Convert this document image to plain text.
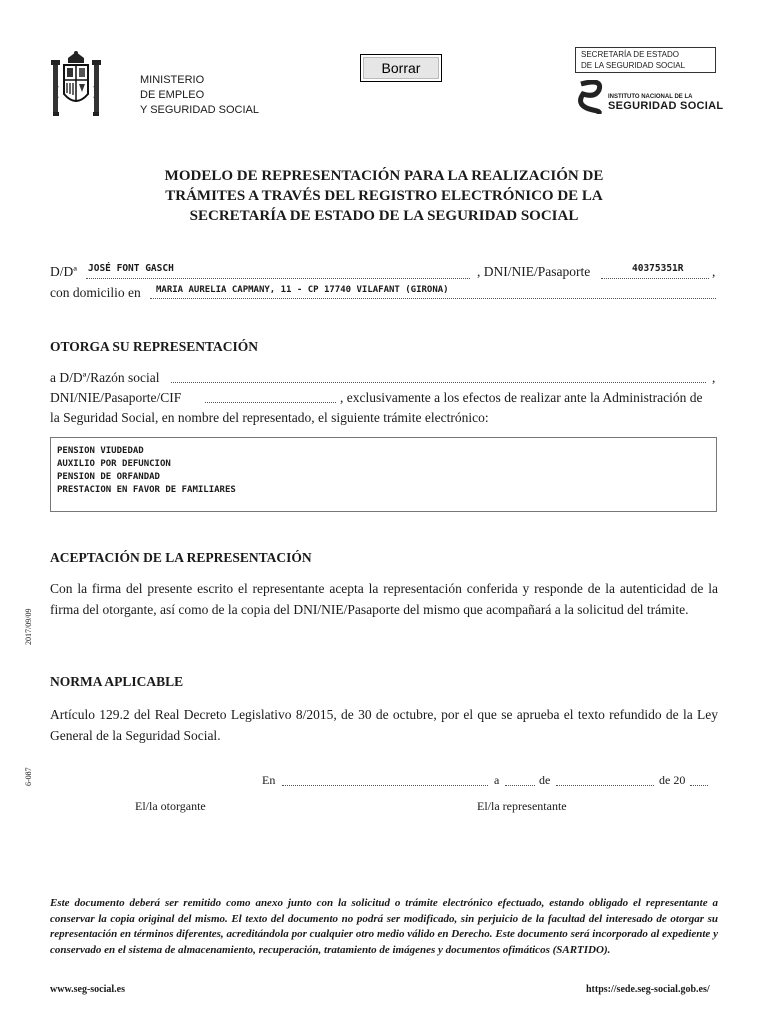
MINISTERIO
DE EMPLEO
Y SEGURIDAD SOCIAL
Borrar
SECRETARÍA DE ESTADO
DE LA SEGURIDAD SOCIAL
INSTITUTO NACIONAL DE LA
SEGURIDAD SOCIAL
MODELO DE REPRESENTACIÓN PARA LA REALIZACIÓN DE
TRÁMITES A TRAVÉS DEL REGISTRO ELECTRÓNICO DE LA
SECRETARÍA DE ESTADO DE LA SEGURIDAD SOCIAL
D/Dª JOSÉ FONT GASCH	, DNI/NIE/Pasaporte	40375351R ,
con domicilio en MARIA AURELIA CAPMANY, 11 - CP 17740 VILAFANT (GIRONA)
OTORGA SU REPRESENTACIÓN
a D/Dª/Razón social	,
DNI/NIE/Pasaporte/CIF	, exclusivamente a los efectos de realizar ante la Administración de
la Seguridad Social, en nombre del representado, el siguiente trámite electrónico:
PENSION VIUDEDAD
AUXILIO POR DEFUNCION
PENSION DE ORFANDAD
PRESTACION EN FAVOR DE FAMILIARES
ACEPTACIÓN DE LA REPRESENTACIÓN
Con la firma del presente escrito el representante acepta la representación conferida y responde de la autenticidad de la firma del otorgante, así como de la copia del DNI/NIE/Pasaporte del mismo que acompañará a la solicitud del trámite.
NORMA APLICABLE
Artículo 129.2 del Real Decreto Legislativo 8/2015, de 30 de octubre, por el que se aprueba el texto refundido de la Ley General de la Seguridad Social.
En	a	de	de 20
El/la otorgante	El/la representante
Este documento deberá ser remitido como anexo junto con la solicitud o trámite electrónico efectuado, estando obligado el representante a conservar la copia original del mismo. El texto del documento no podrá ser modificado, sin perjuicio de la facultad del interesado de otorgar su representación en términos diferentes, acreditándola por cualquier otro medio válido en Derecho. Este documento será incorporado al expediente y conservado en el sistema de almacenamiento, recuperación, tratamiento de imágenes y documentos ofimáticos (SARTIDO).
www.seg-social.es	https://sede.seg-social.gob.es/
2017/09/09
6-087
